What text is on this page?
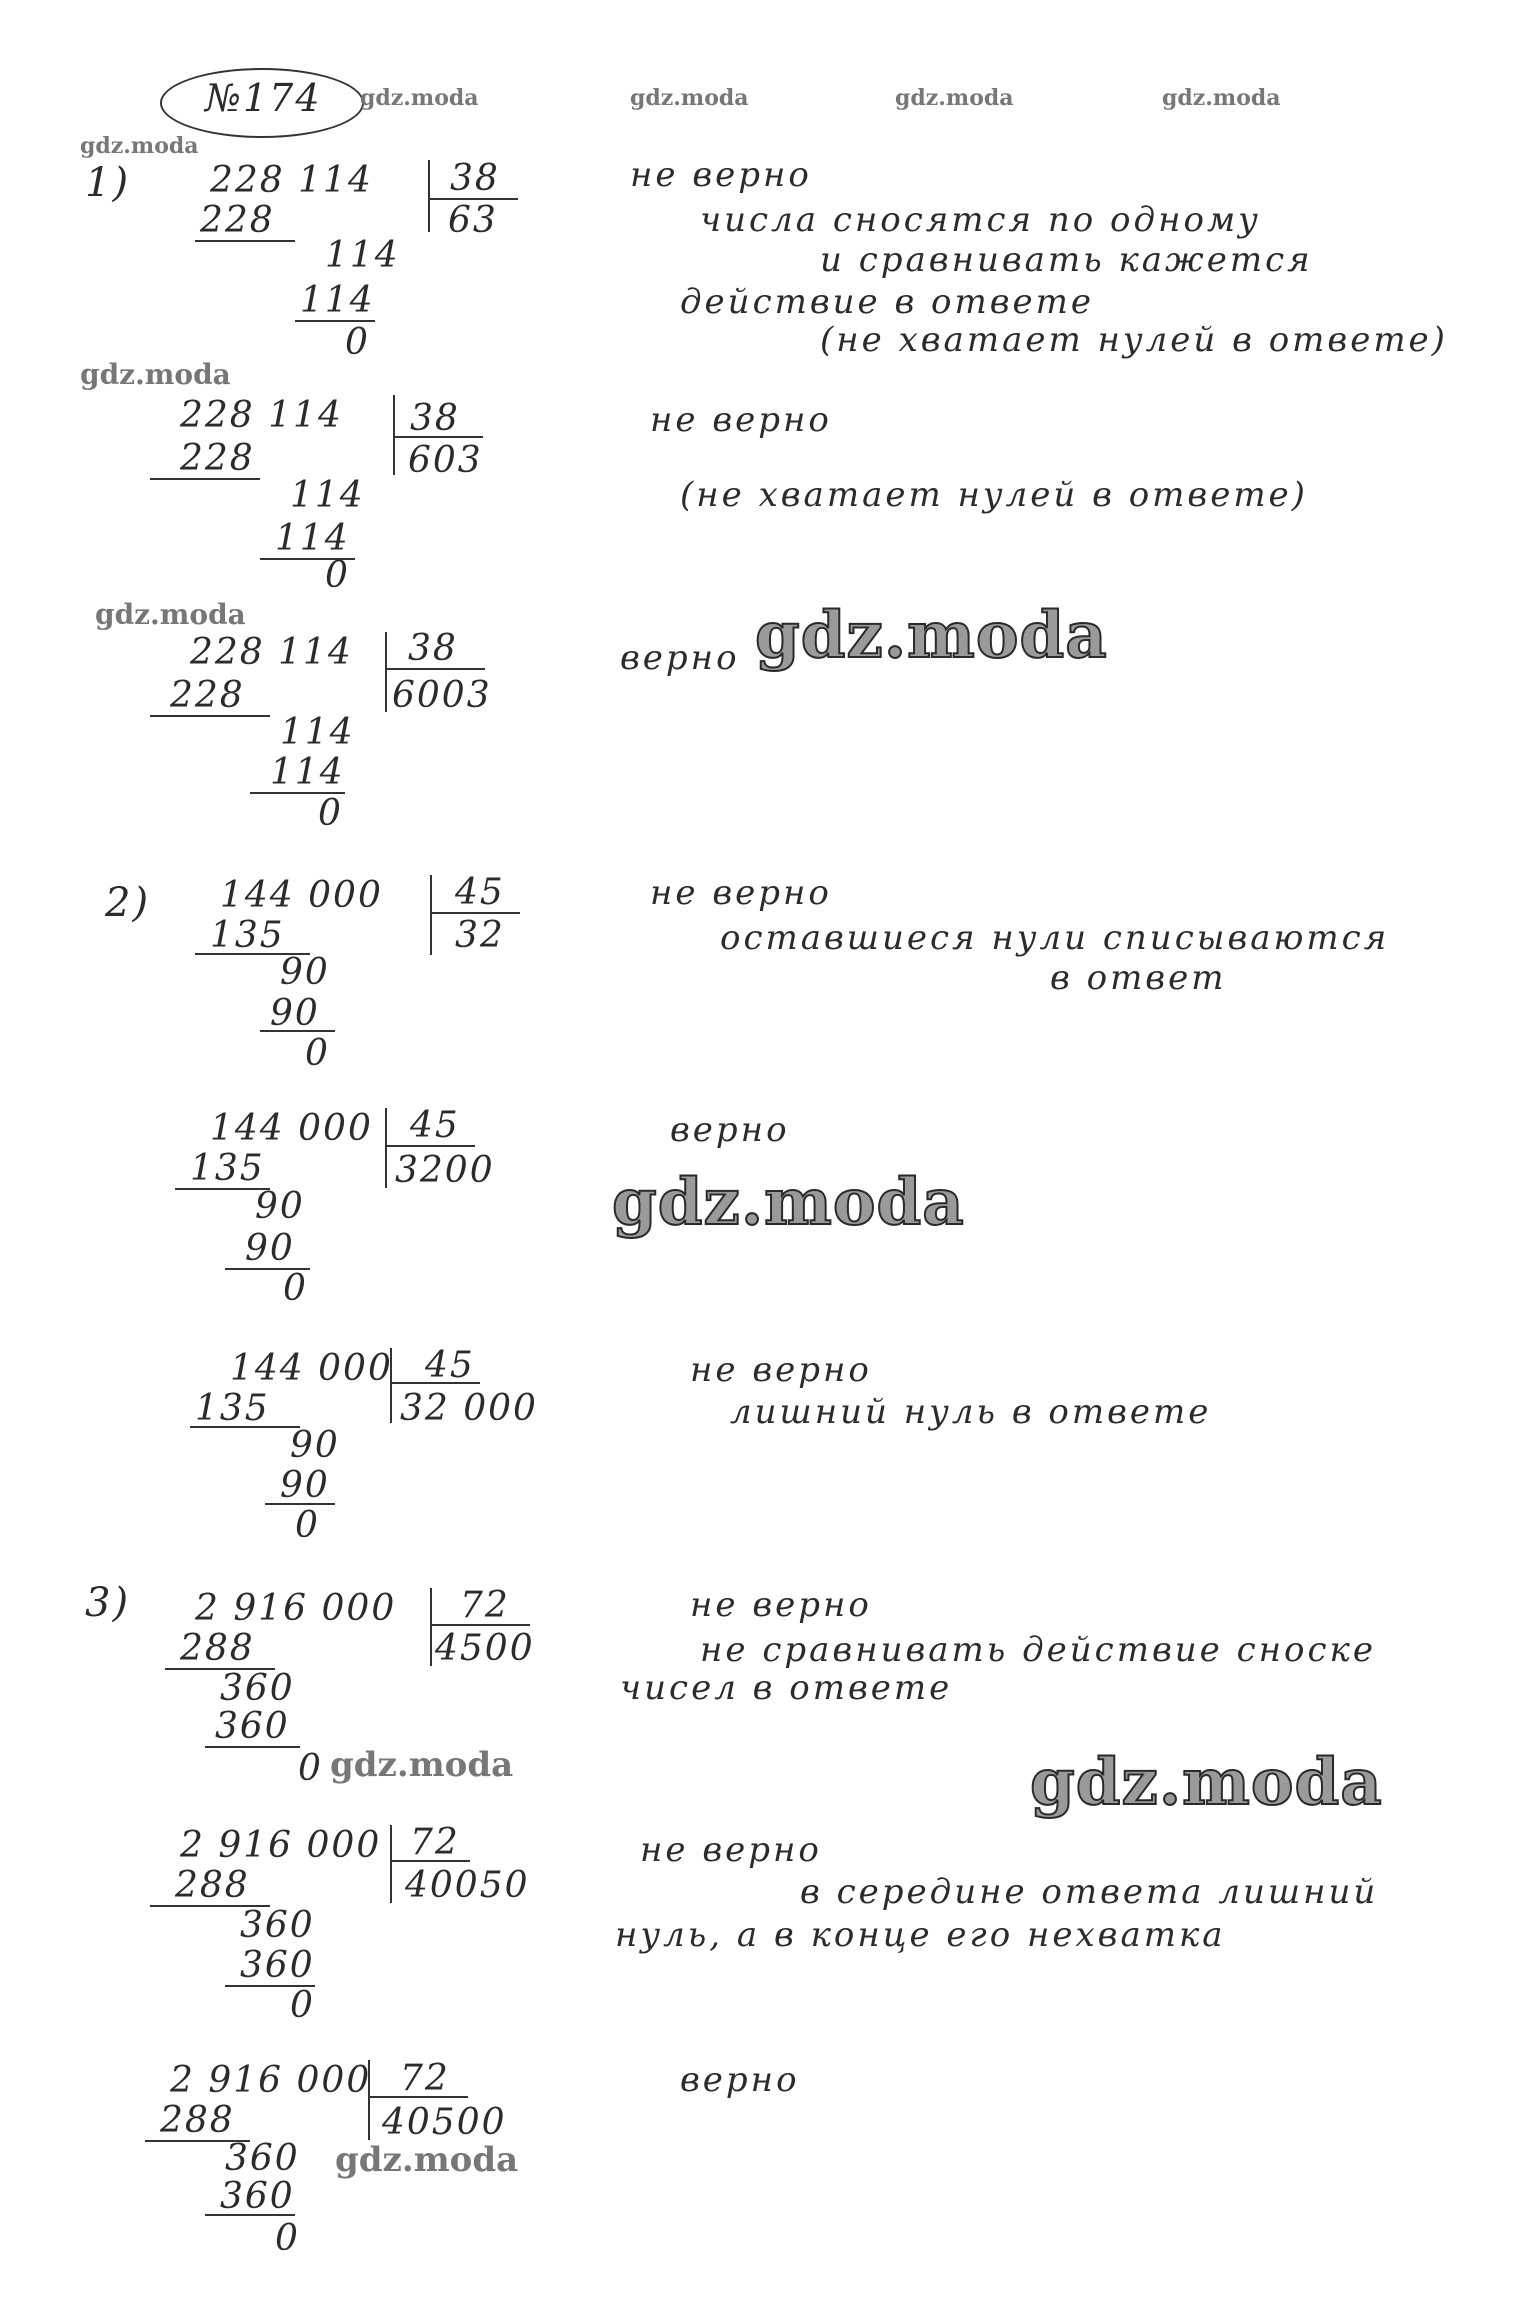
№174 gdz.moda	gdz.moda	gdz.moda	gdz.moda
gdz.moda
gdz.moda
gdz.moda	gdz.moda
gdz.moda
gdz.moda
gdz.moda
gdz.moda
1) 228 114 38
63
228
114
114
0
не верно
числа сносятся по одному
и сравнивать кажется
действие в ответе
(не хватает нулей в ответе)
228 114 38
603
228
114
114
0
не верно
(не хватает нулей в ответе)
228 114 38
6003
228
114
114
0
верно
2) 144 000 45
32
135
90
90
0
не верно
оставшиеся нули списываются
в ответ
144 000 45
3200
135
90
90
0
верно
144 000 45
32 000
135
90
90
0
не верно
лишний нуль в ответе
3) 2 916 000 72
4500
288
360
360
0
не верно
не сравнивать действие сноске
чисел в ответе
2 916 000 72
40050
288
360
360
0
не верно
в середине ответа лишний
нуль, а в конце его нехватка
2 916 000 72
40500
288
360
360
0
верно
